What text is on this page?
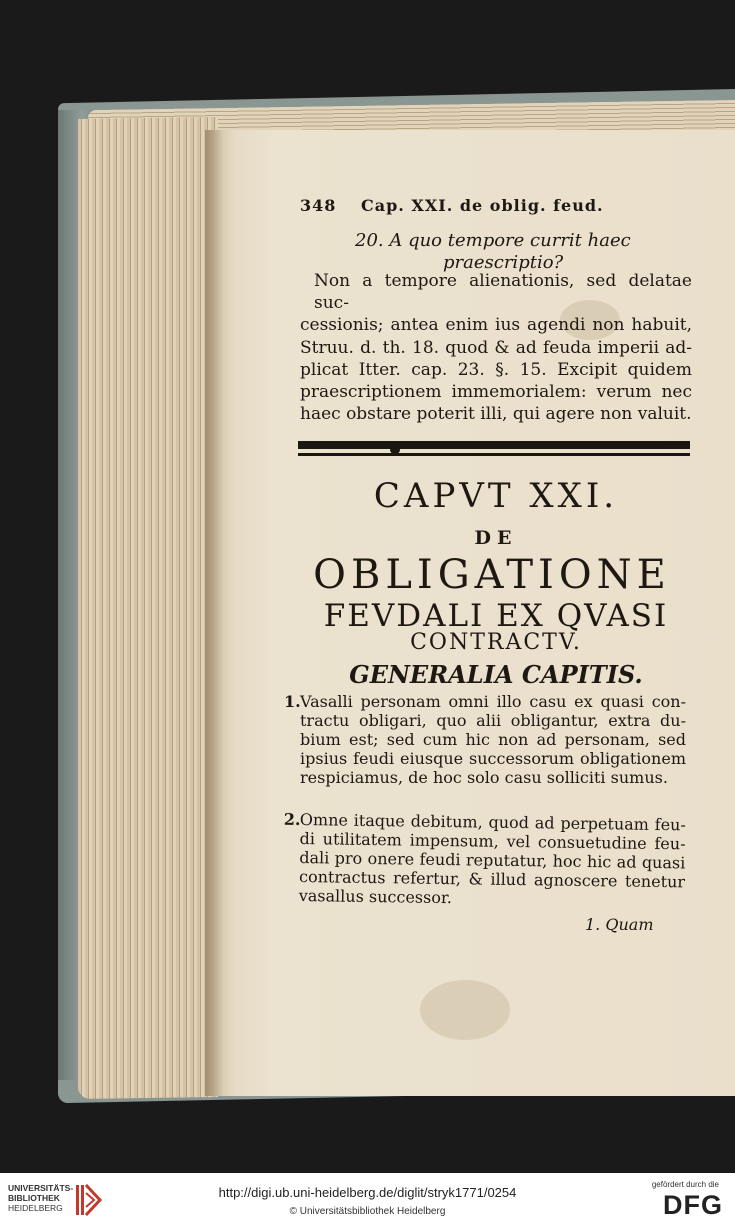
348 Cap. XXI. de oblig. feud.
20. A quo tempore currit haec
praescriptio?
Non a tempore alienationis, sed delatae suc-
cessionis; antea enim ius agendi non habuit,
Struu. d. th. 18. quod & ad feuda imperii ad-
plicat Itter. cap. 23. §. 15. Excipit quidem
praescriptionem immemorialem: verum nec
haec obstare poterit illi, qui agere non valuit.
CAPVT XXI.
DE
OBLIGATIONE
FEVDALI EX QVASI
CONTRACTV.
GENERALIA CAPITIS.
1. Vasalli personam omni illo casu ex quasi con-
tractu obligari, quo alii obligantur, extra du-
bium est; sed cum hic non ad personam, sed
ipsius feudi eiusque successorum obligationem
respiciamus, de hoc solo casu solliciti sumus.
2. Omne itaque debitum, quod ad perpetuam feu-
di utilitatem impensum, vel consuetudine feu-
dali pro onere feudi reputatur, hoc hic ad quasi
contractus refertur, & illud agnoscere tenetur
vasallus successor.
1. Quam
UNIVERSITÄTS-
BIBLIOTHEK
HEIDELBERG
http://digi.ub.uni-heidelberg.de/diglit/stryk1771/0254
© Universitätsbibliothek Heidelberg
gefördert durch die
DFG
